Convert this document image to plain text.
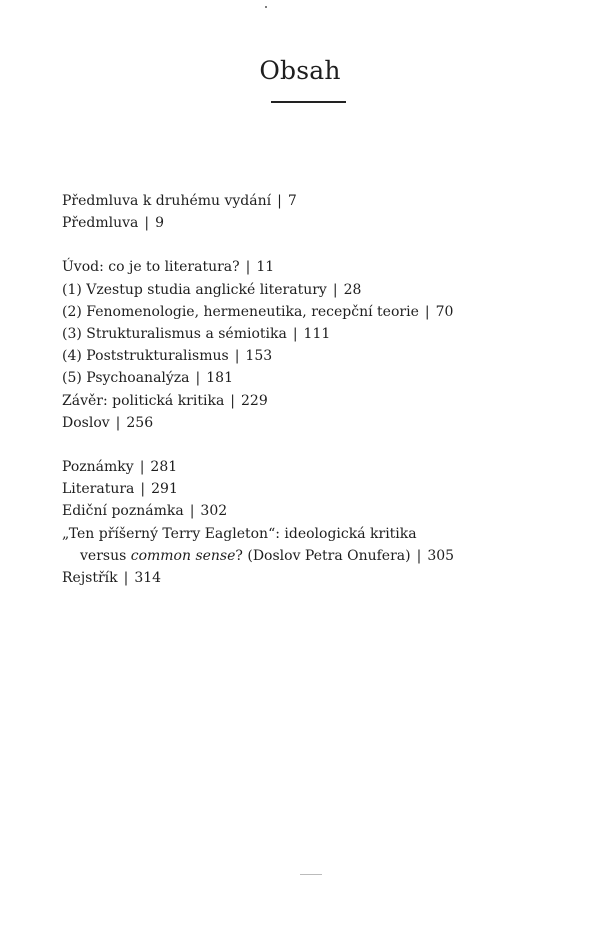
Obsah
Předmluva k druhému vydání | 7
Předmluva | 9
Úvod: co je to literatura? | 11
(1) Vzestup studia anglické literatury | 28
(2) Fenomenologie, hermeneutika, recepční teorie | 70
(3) Strukturalismus a sémiotika | 111
(4) Poststrukturalismus | 153
(5) Psychoanalýza | 181
Závěr: politická kritika | 229
Doslov | 256
Poznámky | 281
Literatura | 291
Ediční poznámka | 302
„Ten příšerný Terry Eagleton“: ideologická kritika
versus common sense? (Doslov Petra Onufera) | 305
Rejstřík | 314
